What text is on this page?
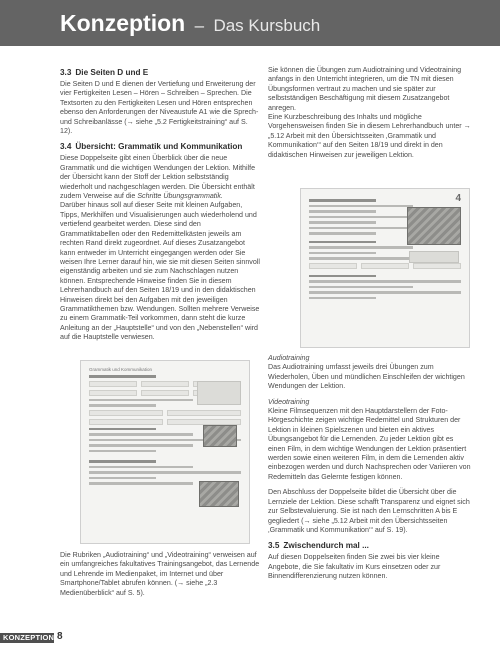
Konzeption – Das Kursbuch
3.3 Die Seiten D und E

Die Seiten D und E dienen der Vertiefung und Erweiterung der vier Fertigkeiten Lesen – Hören – Schreiben – Sprechen. Die Textsorten zu den Fertigkeiten Lesen und Hören entsprechen ebenso den Anforderungen der Niveaustufe A1 wie die Sprech- und Schreibanlässe (→ siehe „5.2 Fertigkeitstraining“ auf S. 12).

3.4 Übersicht: Grammatik und Kommunikation

Diese Doppelseite gibt einen Überblick über die neue Grammatik und die wichtigen Wendungen der Lektion. Mithilfe der Übersicht kann der Stoff der Lektion selbstständig wiederholt und nachgeschlagen werden. Die Übersicht enthält zudem Verweise auf die Schritte Übungsgrammatik.

Darüber hinaus soll auf dieser Seite mit kleinen Aufgaben, Tipps, Merkhilfen und Visualisierungen auch wiederholend und vertiefend gearbeitet werden. Diese sind den Grammatiktabellen oder den Redemittelkästen jeweils am rechten Rand direkt zugeordnet. Auf dieses Zusatzangebot kann entweder im Unterricht eingegangen werden oder Sie weisen Ihre Lerner darauf hin, wie sie mit diesen Seiten sinnvoll eigenständig arbeiten und sie zum Nachschlagen nutzen können. Entsprechende Hinweise finden Sie in diesem Lehrerhandbuch auf den Seiten 18/19 und in den didaktischen Hinweisen direkt bei den Aufgaben mit den jeweiligen Grammatikthemen bzw. Wendungen. Sollten mehrere Verweise zu einem Grammatik-Teil vorkommen, dann steht die kurze Anleitung an der „Hauptstelle“ und von den „Nebenstellen“ wird auf die Hauptstelle verwiesen.

Grammatik und Kommunikation

Die Rubriken „Audiotraining“ und „Videotraining“ verweisen auf ein umfangreiches fakultatives Trainingsangebot, das Lernende und Lehrende im Medienpaket, im Internet und über Smartphone/Tablet abrufen können. (→ siehe „2.3 Medienüberblick“ auf S. 5).

Sie können die Übungen zum Audiotraining und Videotraining anfangs in den Unterricht integrieren, um die TN mit diesen Übungsformen vertraut zu machen und sie später zur selbstständigen Beschäftigung mit diesem Zusatzangebot anregen.

Eine Kurzbeschreibung des Inhalts und mögliche Vorgehensweisen finden Sie in diesem Lehrerhandbuch unter → „5.12 Arbeit mit den Übersichtsseiten ‚Grammatik und Kommunikation‘“ auf den Seiten 18/19 und direkt in den didaktischen Hinweisen zur jeweiligen Lektion.

4

Audiotraining
Das Audiotraining umfasst jeweils drei Übungen zum Wiederholen, Üben und mündlichen Einschleifen der wichtigen Wendungen der Lektion.

Videotraining
Kleine Filmsequenzen mit den Hauptdarstellern der Foto-Hörgeschichte zeigen wichtige Redemittel und Strukturen der Lektion in kleinen Spielszenen und bieten ein aktives Übungsangebot für die Lernenden. Zu jeder Lektion gibt es einen Film, in dem wichtige Wendungen der Lektion präsentiert werden sowie einen weiteren Film, in dem die Lernenden aktiv einbezogen werden und durch Nachsprechen oder Variieren von Redemitteln das Gelernte festigen können.

Den Abschluss der Doppelseite bildet die Übersicht über die Lernziele der Lektion. Diese schafft Transparenz und eignet sich zur Selbstevaluierung. Sie ist nach den Lernschritten A bis E gegliedert (→ siehe „5.12 Arbeit mit den Übersichtsseiten ‚Grammatik und Kommunikation‘“ auf S. 19).

3.5 Zwischendurch mal ...

Auf diesen Doppelseiten finden Sie zwei bis vier kleine Angebote, die Sie fakultativ im Kurs einsetzen oder zur Binnendifferenzierung nutzen können.

KONZEPTION 8
